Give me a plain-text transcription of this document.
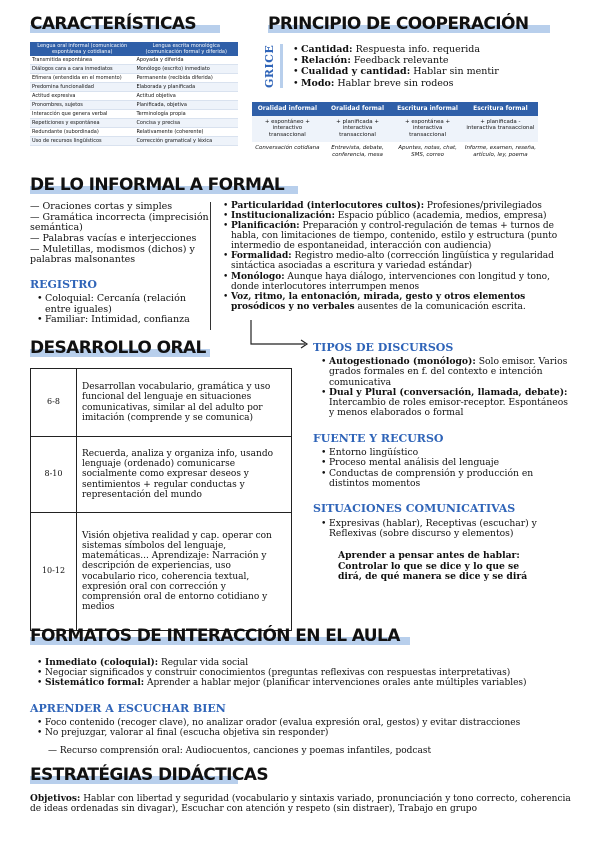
CARACTERÍSTICAS
Lengua oral informal (comunicación espontánea y cotidiana)	Lengua escrita monológica (comunicación formal y diferida)
Transmitida espontánea	Apoyada y diferida
Diálogos cara a cara inmediatos	Monólogo (escrito) inmediato
Efímera (entendida en el momento)	Permanente (recibida diferida)
Predomina funcionalidad	Elaborada y planificada
Actitud expresiva	Actitud objetiva
Pronombres, sujetos	Planificada, objetiva
Interacción que genera verbal	Terminología propia
Repeticiones y espontánea	Concisa y precisa
Redundante (subordinada)	Relativamente (coherente)
Uso de recursos lingüísticos	Corrección gramatical y léxica
PRINCIPIO DE COOPERACIÓN
GRICE	• Cantidad: Respuesta info. requerida
• Relación: Feedback relevante
• Cualidad y cantidad: Hablar sin mentir
• Modo: Hablar breve sin rodeos
Oralidad informal	Oralidad formal	Escritura informal	Escritura formal
+ espontáneo + interactivo transaccional	+ planificada + interactiva transaccional	+ espontánea + interactiva transaccional	+ planificada - interactiva transaccional
Conversación cotidiana	Entrevista, debate, conferencia, mesa	Apuntes, notas, chat, SMS, correo	Informe, examen, reseña, artículo, ley, poema
DE LO INFORMAL A FORMAL
— Oraciones cortas y simples
— Gramática incorrecta (imprecisión semántica)
— Palabras vacías e interjecciones
— Muletillas, modismos (dichos) y palabras malsonantes
• Particularidad (interlocutores cultos): Profesiones/privilegiados
• Institucionalización: Espacio público (academia, medios, empresa)
• Planificación: Preparación y control-regulación de temas + turnos de habla, con limitaciones de tiempo, contenido, estilo y estructura (punto intermedio de espontaneidad, interacción con audiencia)
• Formalidad: Registro medio-alto (corrección lingüística y regularidad sintáctica asociadas a escritura y variedad estándar)
• Monólogo: Aunque haya diálogo, intervenciones con longitud y tono, donde interlocutores interrumpen menos
• Voz, ritmo, la entonación, mirada, gesto y otros elementos prosódicos y no verbales ausentes de la comunicación escrita.
REGISTRO
• Coloquial: Cercanía (relación entre iguales)
• Familiar: Intimidad, confianza
DESARROLLO ORAL
6-8	Desarrollan vocabulario, gramática y uso funcional del lenguaje en situaciones comunicativas, similar al del adulto por imitación (comprende y se comunica)
8-10	Recuerda, analiza y organiza info, usando lenguaje (ordenado) comunicarse socialmente como expresar deseos y sentimientos + regular conductas y representación del mundo
10-12	Visión objetiva realidad y cap. operar con sistemas símbolos del lenguaje, matemáticas... Aprendizaje: Narración y descripción de experiencias, uso vocabulario rico, coherencia textual, expresión oral con corrección y comprensión oral de entorno cotidiano y medios
TIPOS DE DISCURSOS
• Autogestionado (monólogo): Solo emisor. Varios grados formales en f. del contexto e intención comunicativa
• Dual y Plural (conversación, llamada, debate): Intercambio de roles emisor-receptor. Espontáneos y menos elaborados o formal
FUENTE Y RECURSO
• Entorno lingüístico
• Proceso mental análisis del lenguaje
• Conductas de comprensión y producción en distintos momentos
SITUACIONES COMUNICATIVAS
• Expresivas (hablar), Receptivas (escuchar) y Reflexivas (sobre discurso y elementos)
Aprender a pensar antes de hablar: Controlar lo que se dice y lo que se dirá, de qué manera se dice y se dirá
FORMATOS DE INTERACCIÓN EN EL AULA
• Inmediato (coloquial): Regular vida social
• Negociar significados y construir conocimientos (preguntas reflexivas con respuestas interpretativas)
• Sistemático formal: Aprender a hablar mejor (planificar intervenciones orales ante múltiples variables)
APRENDER A ESCUCHAR BIEN
• Foco contenido (recoger clave), no analizar orador (evalua expresión oral, gestos) y evitar distracciones
• No prejuzgar, valorar al final (escucha objetiva sin responder)
— Recurso comprensión oral: Audiocuentos, canciones y poemas infantiles, podcast
ESTRATÉGIAS DIDÁCTICAS
Objetivos: Hablar con libertad y seguridad (vocabulario y sintaxis variado, pronunciación y tono correcto, coherencia de ideas ordenadas sin divagar), Escuchar con atención y respeto (sin distraer), Trabajo en grupo
